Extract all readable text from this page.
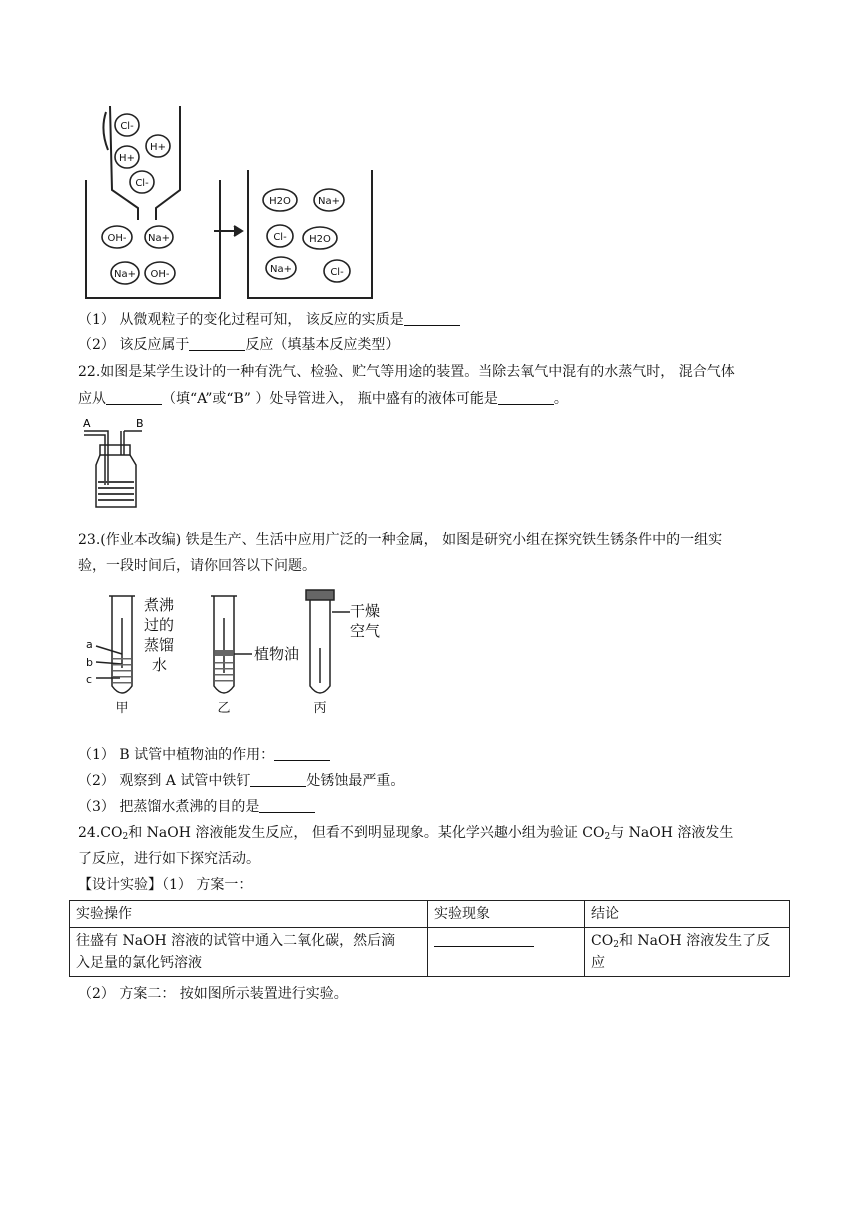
Cl-
H+
H+
Cl-
OH- Na+
Na+ OH-
H2O	Na+
Cl- H2O
Na+	Cl-
（1） 从微观粒子的变化过程可知， 该反应的实质是
（2） 该反应属于	反应（填基本反应类型）
22.如图是某学生设计的一种有洗气、检验、贮气等用途的装置。当除去氧气中混有的水蒸气时， 混合气体
应从	（填“A”或“B” ）处导管进入， 瓶中盛有的液体可能是	。
A	B
23.(作业本改编) 铁是生产、生活中应用广泛的一种金属， 如图是研究小组在探究铁生锈条件中的一组实
验，一段时间后，请你回答以下问题。
a
b
c
煮沸
过的
蒸馏
水
植物油
干燥
空气
甲	乙	丙
（1） B 试管中植物油的作用：
（2） 观察到 A 试管中铁钉	处锈蚀最严重。
（3） 把蒸馏水煮沸的目的是
$24.CO_2$和 NaOH 溶液能发生反应， 但看不到明显现象。某化学兴趣小组为验证 $CO_2$与 NaOH 溶液发生
了反应，进行如下探究活动。
【设计实验】（1） 方案一：
实验操作	实验现象	结论

往盛有 NaOH 溶液的试管中通入二氧化碳，然后滴
入足量的氯化钙溶液		$CO_2$和 NaOH 溶液发生了反应
（2） 方案二： 按如图所示装置进行实验。
